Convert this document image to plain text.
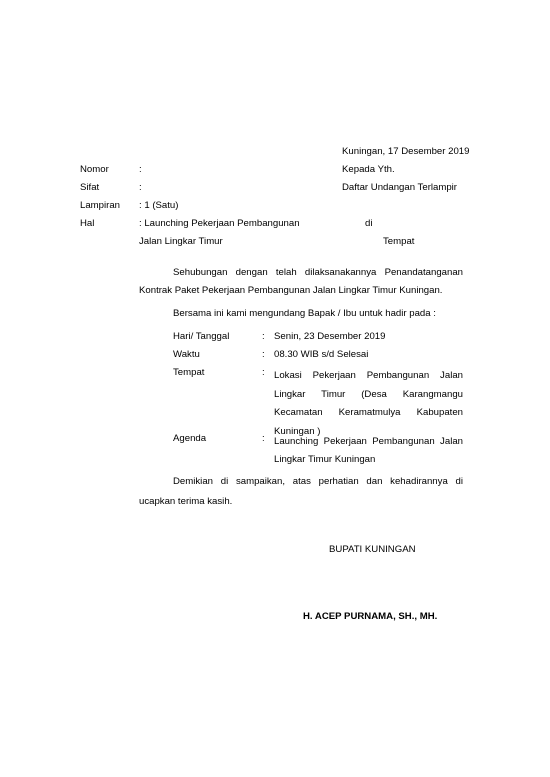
Kuningan, 17 Desember 2019
Nomor	:	Kepada Yth.
Sifat	:	Daftar Undangan Terlampir
Lampiran : 1 (Satu)
Hal	: Launching Pekerjaan Pembangunan	di
Jalan Lingkar Timur	Tempat
Sehubungan dengan telah dilaksanakannya Penandatanganan Kontrak Paket Pekerjaan Pembangunan Jalan Lingkar Timur Kuningan.
Bersama ini kami mengundang Bapak / Ibu untuk hadir pada :
Hari/ Tanggal	: Senin, 23 Desember 2019
Waktu	: 08.30 WIB s/d Selesai
Tempat	: Lokasi Pekerjaan Pembangunan Jalan Lingkar Timur (Desa Karangmangu Kecamatan Keramatmulya Kabupaten Kuningan )
Agenda	: Launching Pekerjaan Pembangunan Jalan Lingkar Timur Kuningan
Demikian di sampaikan, atas perhatian dan kehadirannya di ucapkan terima kasih.
BUPATI KUNINGAN
H. ACEP PURNAMA, SH., MH.
